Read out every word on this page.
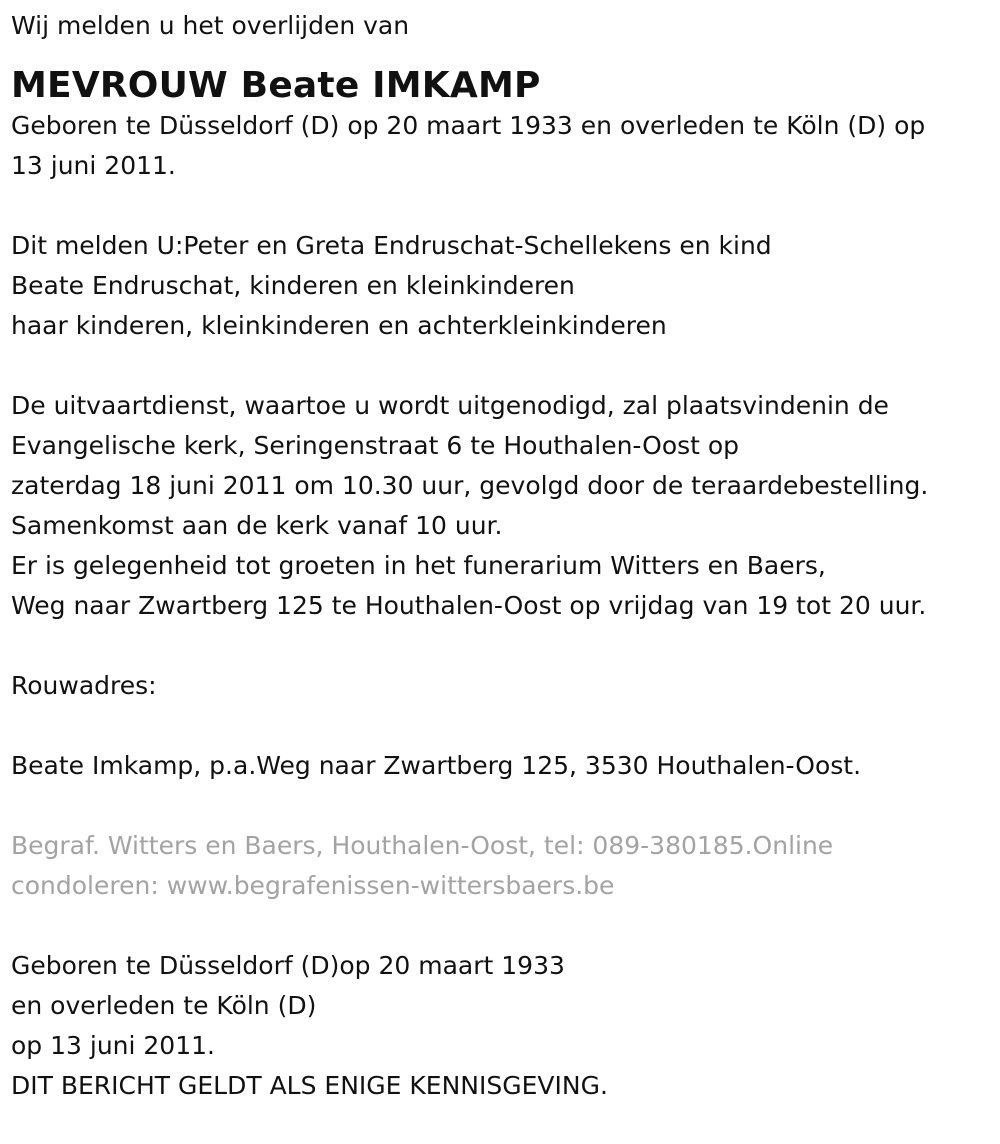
Wij melden u het overlijden van
MEVROUW Beate IMKAMP
Geboren te Düsseldorf (D) op 20 maart 1933 en overleden te Köln (D) op
13 juni 2011.
Dit melden U:Peter en Greta Endruschat-Schellekens en kind
Beate Endruschat, kinderen en kleinkinderen
haar kinderen, kleinkinderen en achterkleinkinderen
De uitvaartdienst, waartoe u wordt uitgenodigd, zal plaatsvindenin de
Evangelische kerk, Seringenstraat 6 te Houthalen-Oost op
zaterdag 18 juni 2011 om 10.30 uur, gevolgd door de teraardebestelling.
Samenkomst aan de kerk vanaf 10 uur.
Er is gelegenheid tot groeten in het funerarium Witters en Baers,
Weg naar Zwartberg 125 te Houthalen-Oost op vrijdag van 19 tot 20 uur.
Rouwadres:
Beate Imkamp, p.a.Weg naar Zwartberg 125, 3530 Houthalen-Oost.
Begraf. Witters en Baers, Houthalen-Oost, tel: 089-380185.Online
condoleren: www.begrafenissen-wittersbaers.be
Geboren te Düsseldorf (D)op 20 maart 1933
en overleden te Köln (D)
op 13 juni 2011.
DIT BERICHT GELDT ALS ENIGE KENNISGEVING.
